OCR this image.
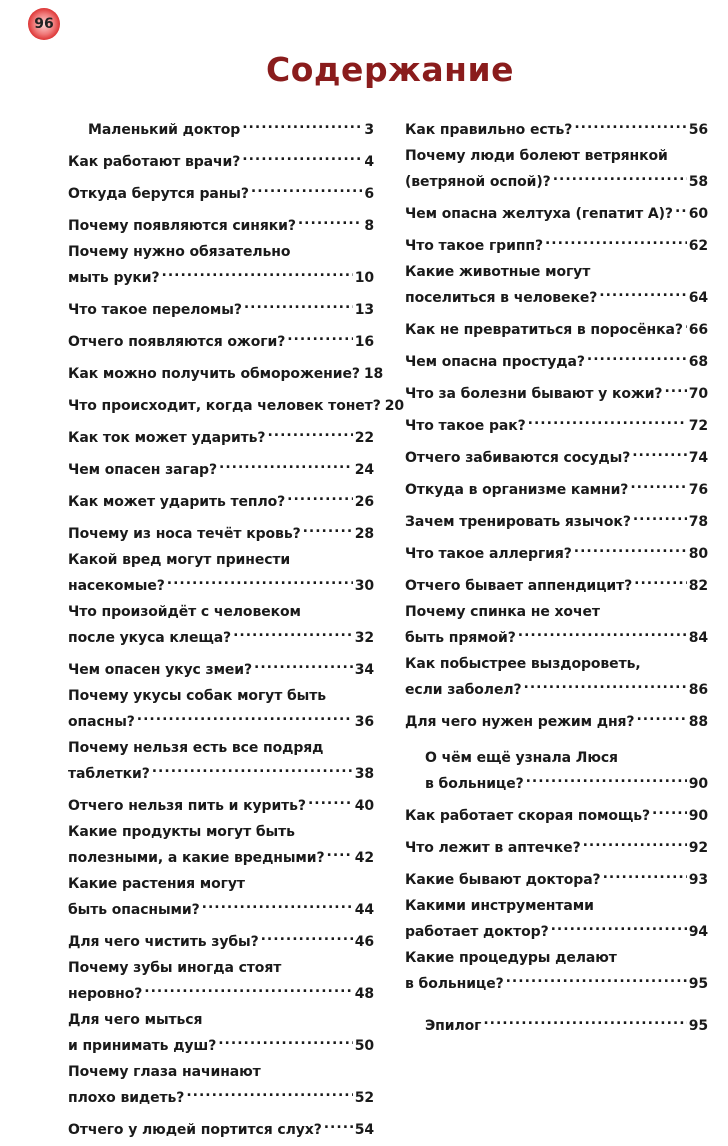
96
Содержание
Маленький доктор .....	3
Как работают врачи? .....	4
Откуда берутся раны? .....	6
Почему появляются синяки? .....	8
Почему нужно обязательно
мыть руки? .....	10
Что такое переломы? .....	13
Отчего появляются ожоги? .....	16
Как можно получить обморожение? 18
Что происходит, когда человек тонет? 20
Как ток может ударить? .....	22
Чем опасен загар? .....	24
Как может ударить тепло? .....	26
Почему из носа течёт кровь? .....	28
Какой вред могут принести
насекомые? .....	30
Что произойдёт с человеком
после укуса клеща? .....	32
Чем опасен укус змеи? .....	34
Почему укусы собак могут быть
опасны? .....	36
Почему нельзя есть все подряд
таблетки? .....	38
Отчего нельзя пить и курить? .....	40
Какие продукты могут быть
полезными, а какие вредными? ..... 42
Какие растения могут
быть опасными? .....	44
Для чего чистить зубы? .....	46
Почему зубы иногда стоят
неровно? .....	48
Для чего мыться
и принимать душ? .....	50
Почему глаза начинают
плохо видеть? .....	52
Отчего у людей портится слух? ..... 54
Как правильно есть? .....	56
Почему люди болеют ветрянкой
(ветряной оспой)? .....	58
Чем опасна желтуха (гепатит А)? ..... 60
Что такое грипп? .....	62
Какие животные могут
поселиться в человеке? .....	64
Как не превратиться в поросёнка? ..... 66
Чем опасна простуда? .....	68
Что за болезни бывают у кожи? ..... 70
Что такое рак? .....	72
Отчего забиваются сосуды? .....	74
Откуда в организме камни? .....	76
Зачем тренировать язычок? .....	78
Что такое аллергия? .....	80
Отчего бывает аппендицит? .....	82
Почему спинка не хочет
быть прямой? .....	84
Как побыстрее выздороветь,
если заболел? .....	86
Для чего нужен режим дня? .....	88
О чём ещё узнала Люся
в больнице? .....	90
Как работает скорая помощь? .....	90
Что лежит в аптечке? .....	92
Какие бывают доктора? .....	93
Какими инструментами
работает доктор? .....	94
Какие процедуры делают
в больнице? .....	95
Эпилог .....	95
